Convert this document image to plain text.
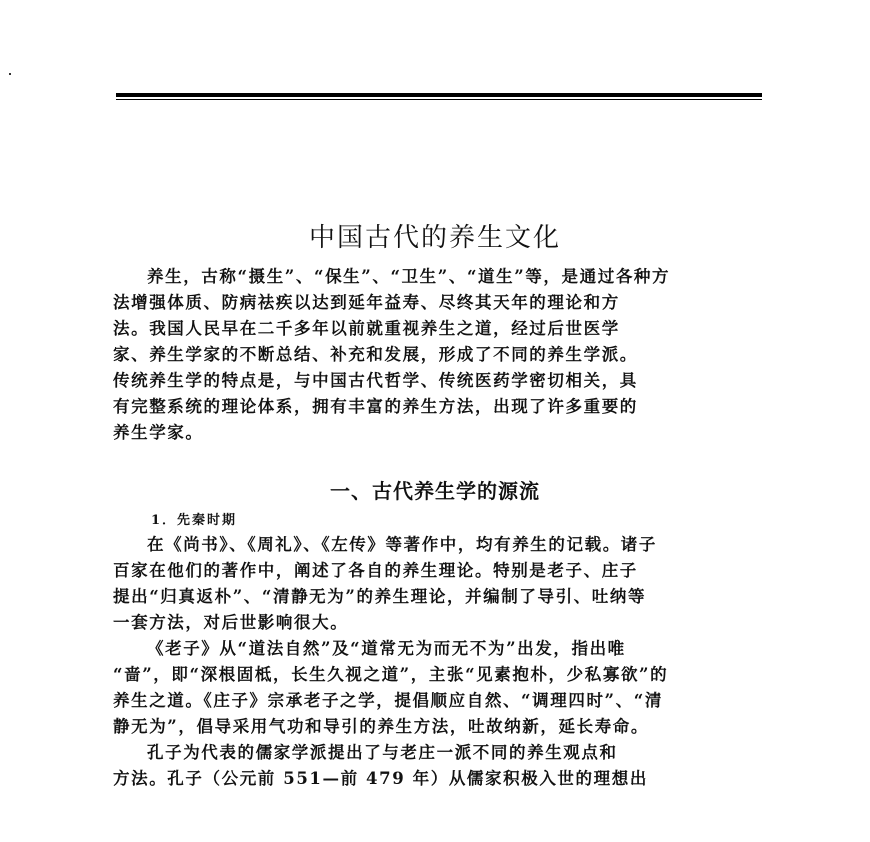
中国古代的养生文化
养生，古称“摄生”、“保生”、“卫生”、“道生”等，是通过各种方
法增强体质、防病祛疾以达到延年益寿、尽终其天年的理论和方
法。我国人民早在二千多年以前就重视养生之道，经过后世医学
家、养生学家的不断总结、补充和发展，形成了不同的养生学派。
传统养生学的特点是，与中国古代哲学、传统医药学密切相关，具
有完整系统的理论体系，拥有丰富的养生方法，出现了许多重要的
养生学家。
一、古代养生学的源流
1．先秦时期
在《尚书》、《周礼》、《左传》等著作中，均有养生的记载。诸子
百家在他们的著作中，阐述了各自的养生理论。特别是老子、庄子
提出“归真返朴”、“清静无为”的养生理论，并编制了导引、吐纳等
一套方法，对后世影响很大。
《老子》从“道法自然”及“道常无为而无不为”出发，指出唯
“啬”，即“深根固柢，长生久视之道”，主张“见素抱朴，少私寡欲”的
养生之道。《庄子》宗承老子之学，提倡顺应自然、“调理四时”、“清
静无为”，倡导采用气功和导引的养生方法，吐故纳新，延长寿命。
孔子为代表的儒家学派提出了与老庄一派不同的养生观点和
方法。孔子（公元前 551—前 479 年）从儒家积极入世的理想出
